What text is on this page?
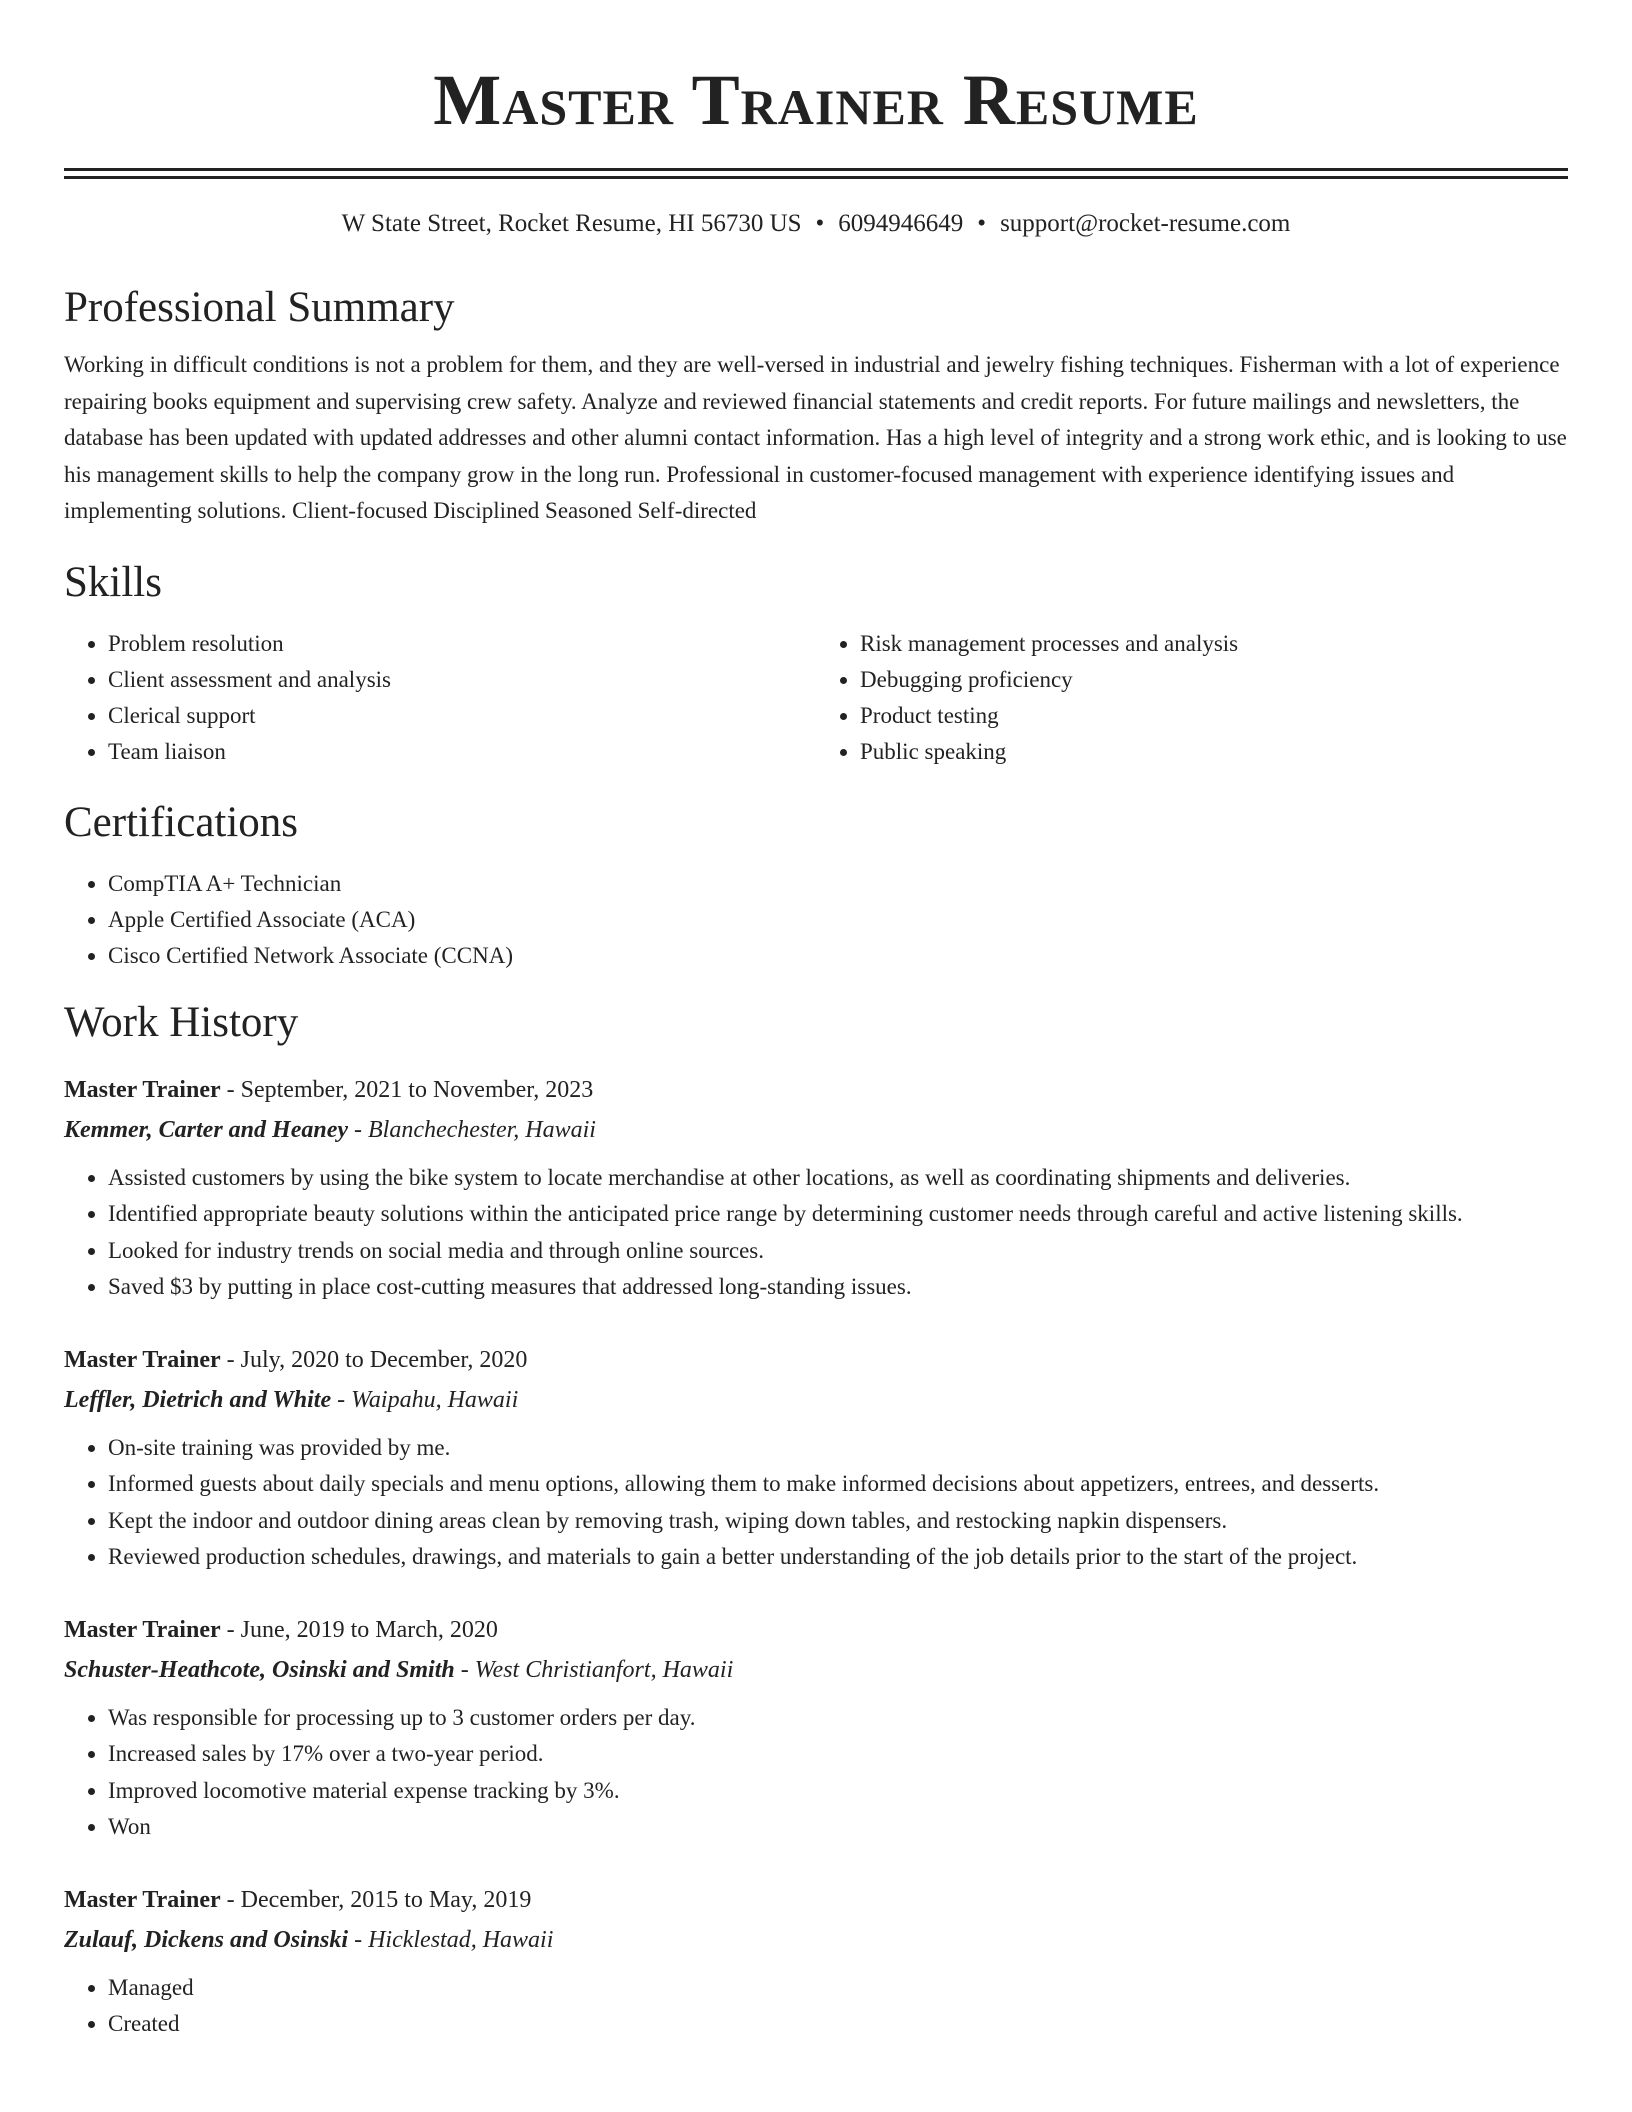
Master Trainer Resume
W State Street, Rocket Resume, HI 56730 US • 6094946649 • support@rocket-resume.com
Professional Summary

Working in difficult conditions is not a problem for them, and they are well-versed in industrial and jewelry fishing techniques. Fisherman with a lot of experience repairing books equipment and supervising crew safety. Analyze and reviewed financial statements and credit reports. For future mailings and newsletters, the database has been updated with updated addresses and other alumni contact information. Has a high level of integrity and a strong work ethic, and is looking to use his management skills to help the company grow in the long run. Professional in customer-focused management with experience identifying issues and implementing solutions. Client-focused Disciplined Seasoned Self-directed

Skills
• Problem resolution
• Client assessment and analysis
• Clerical support
• Team liaison
• Risk management processes and analysis
• Debugging proficiency
• Product testing
• Public speaking
Certifications
• CompTIA A+ Technician
• Apple Certified Associate (ACA)
• Cisco Certified Network Associate (CCNA)
Work History
Master Trainer - September, 2021 to November, 2023
Kemmer, Carter and Heaney - Blanchechester, Hawaii
• Assisted customers by using the bike system to locate merchandise at other locations, as well as coordinating shipments and deliveries.
• Identified appropriate beauty solutions within the anticipated price range by determining customer needs through careful and active listening skills.
• Looked for industry trends on social media and through online sources.
• Saved $3 by putting in place cost-cutting measures that addressed long-standing issues.
Master Trainer - July, 2020 to December, 2020
Leffler, Dietrich and White - Waipahu, Hawaii
• On-site training was provided by me.
• Informed guests about daily specials and menu options, allowing them to make informed decisions about appetizers, entrees, and desserts.
• Kept the indoor and outdoor dining areas clean by removing trash, wiping down tables, and restocking napkin dispensers.
• Reviewed production schedules, drawings, and materials to gain a better understanding of the job details prior to the start of the project.
Master Trainer - June, 2019 to March, 2020
Schuster-Heathcote, Osinski and Smith - West Christianfort, Hawaii
• Was responsible for processing up to 3 customer orders per day.
• Increased sales by 17% over a two-year period.
• Improved locomotive material expense tracking by 3%.
• Won
Master Trainer - December, 2015 to May, 2019
Zulauf, Dickens and Osinski - Hicklestad, Hawaii
• Managed
• Created
